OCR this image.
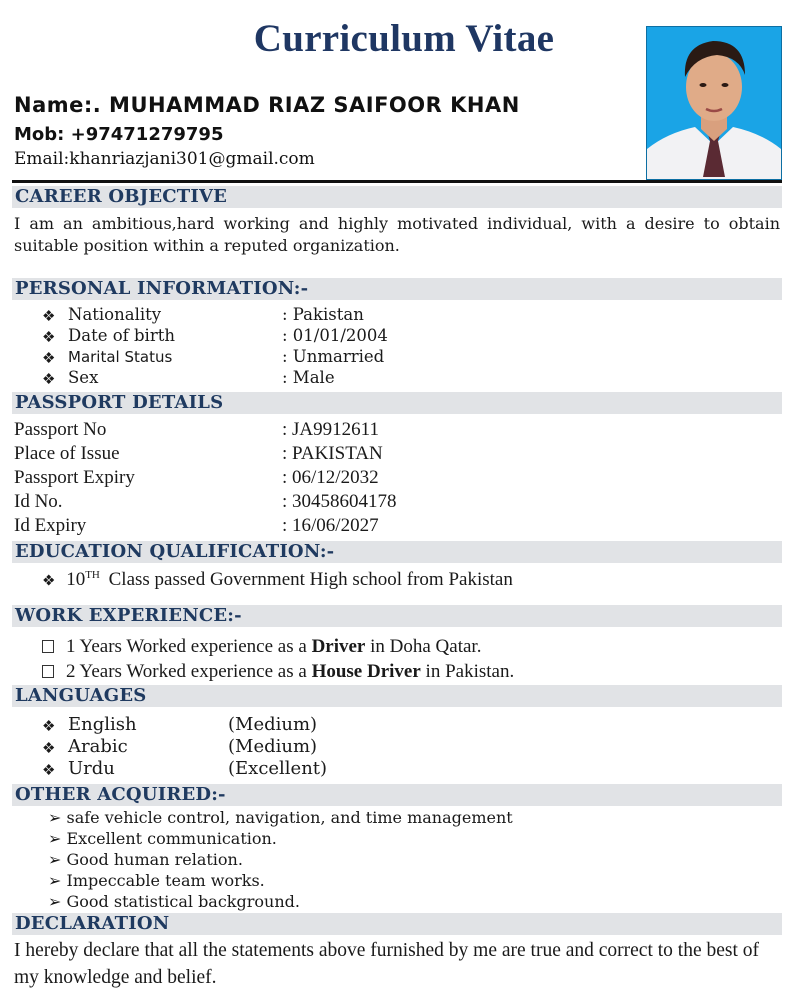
Curriculum Vitae
Name:. MUHAMMAD RIAZ SAIFOOR KHAN
Mob: +97471279795
Email:khanriazjani301@gmail.com
CAREER OBJECTIVE
I am an ambitious,hard working and highly motivated individual, with a desire to obtain suitable position within a reputed organization.
PERSONAL INFORMATION:-
❖ Nationality	: Pakistan
❖ Date of birth	: 01/01/2004
❖ Marital Status	: Unmarried
❖ Sex	: Male
PASSPORT DETAILS
Passport No	: JA9912611
Place of Issue	: PAKISTAN
Passport Expiry	: 06/12/2032
Id No.	: 30458604178
Id Expiry	: 16/06/2027
EDUCATION QUALIFICATION:-
❖ 10TH Class passed Government High school from Pakistan
WORK EXPERIENCE:-
1 Years Worked experience as a Driver in Doha Qatar.
2 Years Worked experience as a House Driver in Pakistan.
LANGUAGES
❖ English	(Medium)
❖ Arabic	(Medium)
❖ Urdu	(Excellent)
OTHER ACQUIRED:-
➢ safe vehicle control, navigation, and time management
➢ Excellent communication.
➢ Good human relation.
➢ Impeccable team works.
➢ Good statistical background.
DECLARATION
I hereby declare that all the statements above furnished by me are true and correct to the best of my knowledge and belief.
